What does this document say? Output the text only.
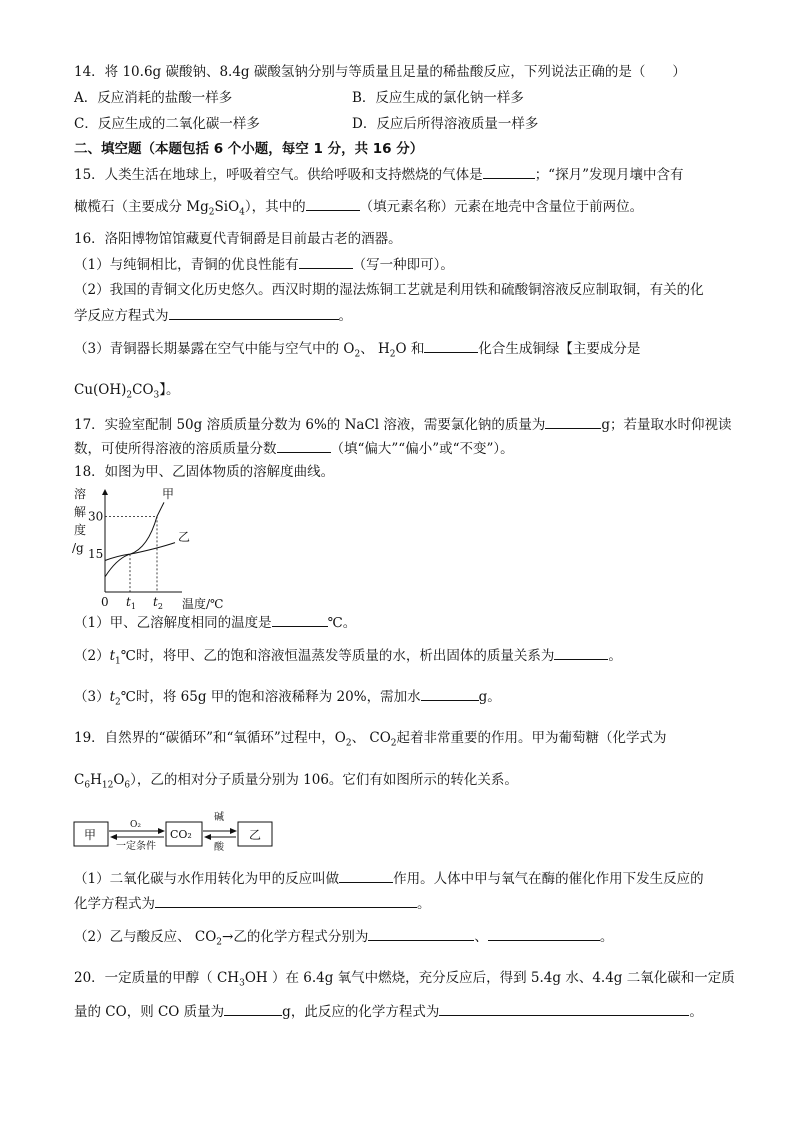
14．将 10.6g 碳酸钠、8.4g 碳酸氢钠分别与等质量且足量的稀盐酸反应，下列说法正确的是（　　）
A．反应消耗的盐酸一样多	B．反应生成的氯化钠一样多
C．反应生成的二氧化碳一样多	D．反应后所得溶液质量一样多
二、填空题（本题包括 6 个小题，每空 1 分，共 16 分）
15．人类生活在地球上，呼吸着空气。供给呼吸和支持燃烧的气体是	；“探月”发现月壤中含有
橄榄石（主要成分 $Mg_2SiO_4$），其中的	（填元素名称）元素在地壳中含量位于前两位。
16．洛阳博物馆馆藏夏代青铜爵是目前最古老的酒器。
（1）与纯铜相比，青铜的优良性能有	（写一种即可）。
（2）我国的青铜文化历史悠久。西汉时期的湿法炼铜工艺就是利用铁和硫酸铜溶液反应制取铜，有关的化
学反应方程式为	。
（3）青铜器长期暴露在空气中能与空气中的 $O_2$、 $H_2O$ 和	化合生成铜绿【主要成分是
$Cu(OH)_2CO_3$】。
17．实验室配制 50g 溶质质量分数为 6%的 NaCl 溶液，需要氯化钠的质量为	g；若量取水时仰视读
数，可使所得溶液的溶质质量分数	（填“偏大”“偏小”或“不变”）。
18．如图为甲、乙固体物质的溶解度曲线。
溶
解
度
/g 15
30
0 $t_1$ $t_2$ 温度/℃
甲
乙
（1）甲、乙溶解度相同的温度是	℃。
$(2)t_1℃$时，将甲、乙的饱和溶液恒温蒸发等质量的水，析出固体的质量关系为	。
$(3)t_2℃$时，将 65g 甲的饱和溶液稀释为 20%，需加水	g。
19．自然界的“碳循环”和“氧循环”过程中，$O_2$、 $CO_2$起着非常重要的作用。甲为葡萄糖（化学式为
$C_6H_{12}O_6$），乙的相对分子质量分别为 106。它们有如图所示的转化关系。
甲	CO₂	乙
O₂
一定条件
碱
酸
（1）二氧化碳与水作用转化为甲的反应叫做	作用。人体中甲与氧气在酶的催化作用下发生反应的
化学方程式为	。
（2）乙与酸反应、 $CO_2\to$乙的化学方程式分别为	、	。
20．一定质量的甲醇（ $CH_3OH$ ）在 6.4g 氧气中燃烧，充分反应后，得到 5.4g 水、4.4g 二氧化碳和一定质
量的 CO，则 CO 质量为	g，此反应的化学方程式为	。
